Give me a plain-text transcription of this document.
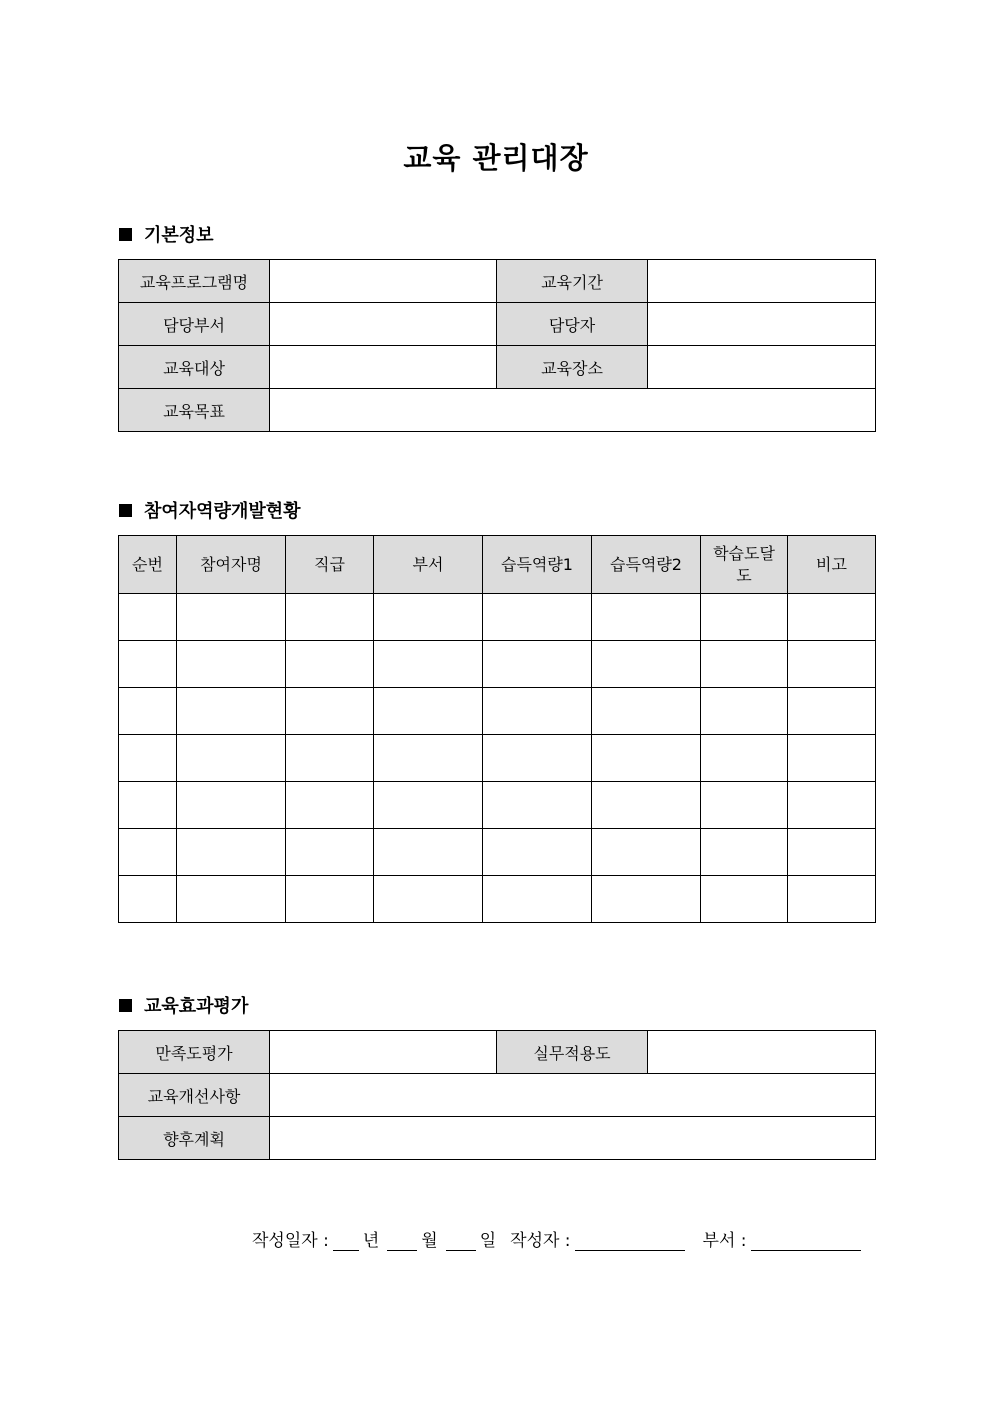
교육 관리대장
기본정보
교육프로그램명		교육기간	
담당부서		담당자	
교육대상		교육장소	
교육목표			
참여자역량개발현황
순번	참여자명	직급	부서	습득역량1	습득역량2	학습도달도	비고

교육효과평가
만족도평가		실무적용도	
교육개선사항			
향후계획			
작성일자 : 년 월 일 작성자 :	부서 :
